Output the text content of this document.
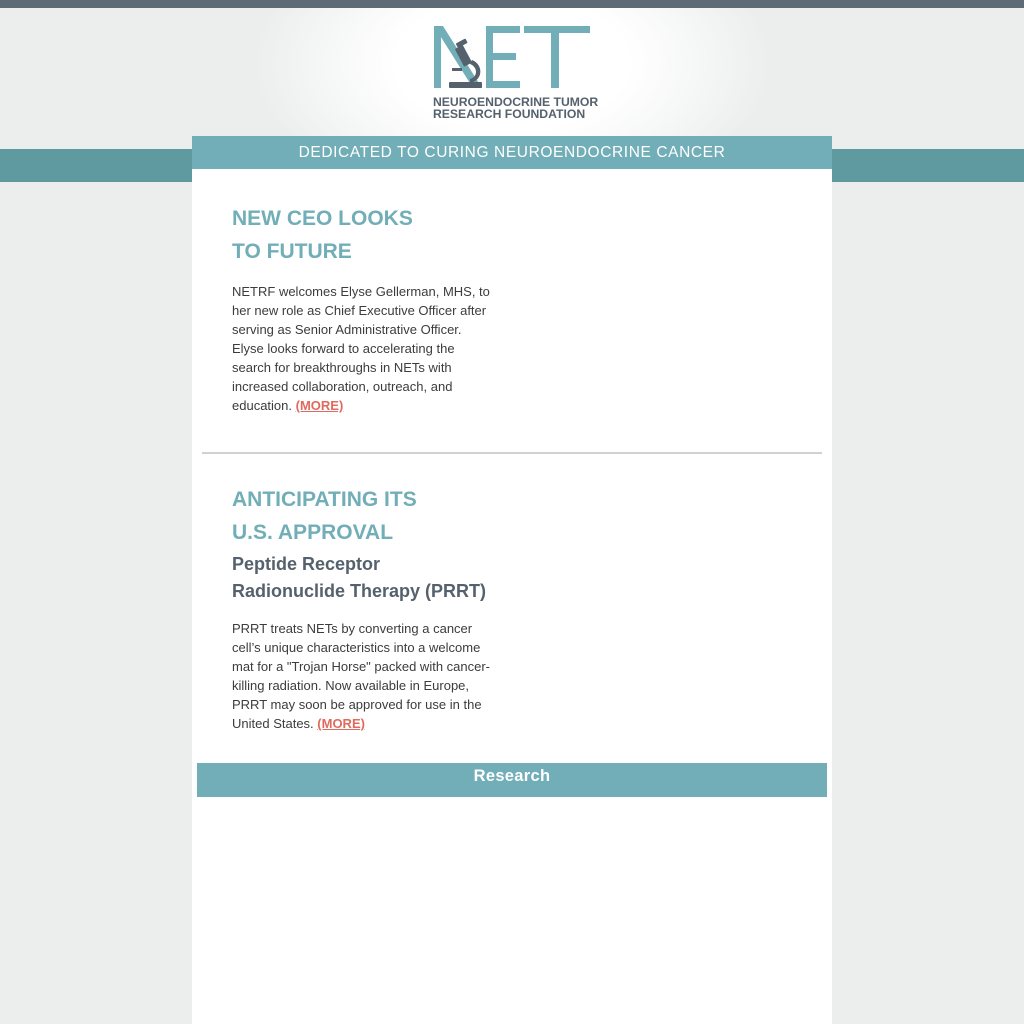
NEUROENDOCRINE TUMOR
RESEARCH FOUNDATION
DEDICATED TO CURING NEUROENDOCRINE CANCER
NEW CEO LOOKS
TO FUTURE

NETRF welcomes Elyse Gellerman, MHS, to her new role as Chief Executive Officer after serving as Senior Administrative Officer. Elyse looks forward to accelerating the search for breakthroughs in NETs with increased collaboration, outreach, and education. (MORE)

ANTICIPATING ITS
U.S. APPROVAL
Peptide Receptor
Radionuclide Therapy (PRRT)

PRRT treats NETs by converting a cancer cell’s unique characteristics into a welcome mat for a "Trojan Horse" packed with cancer-killing radiation. Now available in Europe, PRRT may soon be approved for use in the United States. (MORE)

Research
